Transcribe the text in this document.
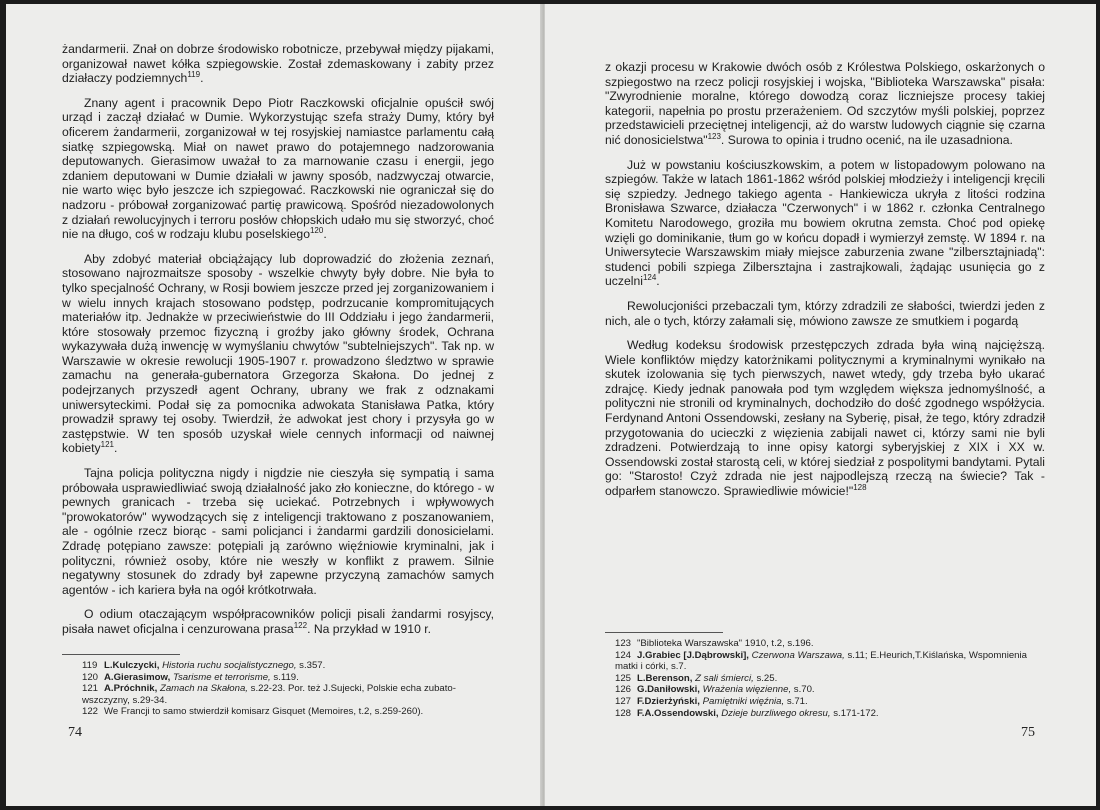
żandarmerii. Znał on dobrze środowisko robotnicze, przebywał między pijakami, organizował nawet kółka szpiegowskie. Został zdemaskowany i zabity przez działaczy podziemnych$^{119}$.

Znany agent i pracownik Depo Piotr Raczkowski oficjalnie opuścił swój urząd i zaczął działać w Dumie. Wykorzystując szefa straży Dumy, który był oficerem żandarmerii, zorganizował w tej rosyjskiej namiastce parlamentu całą siatkę szpiegowską. Miał on nawet prawo do potajemnego nadzorowania deputowanych. Gierasimow uważał to za marnowanie czasu i energii, jego zdaniem deputowani w Dumie działali w jawny sposób, nadzwyczaj otwarcie, nie warto więc było jeszcze ich szpiegować. Raczkowski nie ograniczał się do nadzoru - próbował zorganizować partię prawicową. Spośród niezadowolonych z działań rewolucyjnych i terroru posłów chłopskich udało mu się stworzyć, choć nie na długo, coś w rodzaju klubu poselskiego$^{120}$.

Aby zdobyć materiał obciążający lub doprowadzić do złożenia zeznań, stosowano najrozmaitsze sposoby - wszelkie chwyty były dobre. Nie była to tylko specjalność Ochrany, w Rosji bowiem jeszcze przed jej zorganizowaniem i w wielu innych krajach stosowano podstęp, podrzucanie kompromitujących materiałów itp. Jednakże w przeciwieństwie do III Oddziału i jego żandarmerii, które stosowały przemoc fizyczną i groźby jako główny środek, Ochrana wykazywała dużą inwencję w wymyślaniu chwytów "subtelniejszych". Tak np. w Warszawie w okresie rewolucji 1905-1907 r. prowadzono śledztwo w sprawie zamachu na generała-gubernatora Grzegorza Skałona. Do jednej z podejrzanych przyszedł agent Ochrany, ubrany we frak z odznakami uniwersyteckimi. Podał się za pomocnika adwokata Stanisława Patka, który prowadził sprawy tej osoby. Twierdził, że adwokat jest chory i przysyła go w zastępstwie. W ten sposób uzyskał wiele cennych informacji od naiwnej kobiety$^{121}$.

Tajna policja polityczna nigdy i nigdzie nie cieszyła się sympatią i sama próbowała usprawiedliwiać swoją działalność jako zło konieczne, do którego - w pewnych granicach - trzeba się uciekać. Potrzebnych i wpływowych "prowokatorów" wywodzących się z inteligencji traktowano z poszanowaniem, ale - ogólnie rzecz biorąc - sami policjanci i żandarmi gardzili donosicielami. Zdradę potępiano zawsze: potępiali ją zarówno więźniowie kryminalni, jak i polityczni, również osoby, które nie weszły w konflikt z prawem. Silnie negatywny stosunek do zdrady był zapewne przyczyną zamachów samych agentów - ich kariera była na ogół krótkotrwała.

O odium otaczającym współpracowników policji pisali żandarmi rosyjscy, pisała nawet oficjalna i cenzurowana prasa$^{122}$. Na przykład w 1910 r.

119 L.Kulczycki, Historia ruchu socjalistycznego, s.357.
120 A.Gierasimow, Tsarisme et terrorisme, s.119.
121 A.Próchnik, Zamach na Skałona, s.22-23. Por. też J.Sujecki, Polskie echa zubatowszczyzny, s.29-34.
122 We Francji to samo stwierdził komisarz Gisquet (Memoires, t.2, s.259-260).
74

z okazji procesu w Krakowie dwóch osób z Królestwa Polskiego, oskarżonych o szpiegostwo na rzecz policji rosyjskiej i wojska, "Biblioteka Warszawska" pisała: "Zwyrodnienie moralne, którego dowodzą coraz liczniejsze procesy takiej kategorii, napełnia po prostu przerażeniem. Od szczytów myśli polskiej, poprzez przedstawicieli przeciętnej inteligencji, aż do warstw ludowych ciągnie się czarna nić donosicielstwa"$^{123}$. Surowa to opinia i trudno ocenić, na ile uzasadniona.

Już w powstaniu kościuszkowskim, a potem w listopadowym polowano na szpiegów. Także w latach 1861-1862 wśród polskiej młodzieży i inteligencji kręcili się szpiedzy. Jednego takiego agenta - Hankiewicza ukryła z litości rodzina Bronisława Szwarce, działacza "Czerwonych" i w 1862 r. członka Centralnego Komitetu Narodowego, groziła mu bowiem okrutna zemsta. Choć pod opiekę wzięli go dominikanie, tłum go w końcu dopadł i wymierzył zemstę. W 1894 r. na Uniwersytecie Warszawskim miały miejsce zaburzenia zwane "zilbersztajniadą": studenci pobili szpiega Zilbersztajna i zastrajkowali, żądając usunięcia go z uczelni$^{124}$.

Rewolucjoniści przebaczali tym, którzy zdradzili ze słabości, twierdzi jeden z nich, ale o tych, którzy załamali się, mówiono zawsze ze smutkiem i pogardą

Według kodeksu środowisk przestępczych zdrada była winą najcięższą. Wiele konfliktów między katorżnikami politycznymi a kryminalnymi wynikało na skutek izolowania się tych pierwszych, nawet wtedy, gdy trzeba było ukarać zdrajcę. Kiedy jednak panowała pod tym względem większa jednomyślność, a polityczni nie stronili od kryminalnych, dochodziło do dość zgodnego współżycia. Ferdynand Antoni Ossendowski, zesłany na Syberię, pisał, że tego, który zdradził przygotowania do ucieczki z więzienia zabijali nawet ci, którzy sami nie byli zdradzeni. Potwierdzają to inne opisy katorgi syberyjskiej z XIX i XX w. Ossendowski został starostą celi, w której siedział z pospolitymi bandytami. Pytali go: "Starosto! Czyż zdrada nie jest najpodlejszą rzeczą na świecie? Tak - odparłem stanowczo. Sprawiedliwie mówicie!"$^{128}$

123 "Biblioteka Warszawska" 1910, t.2, s.196.
124 J.Grabiec [J.Dąbrowski], Czerwona Warszawa, s.11; E.Heurich,T.Kiślańska, Wspomnienia matki i córki, s.7.
125 L.Berenson, Z sali śmierci, s.25.
126 G.Daniłowski, Wrażenia więzienne, s.70.
127 F.Dzierżyński, Pamiętniki więźnia, s.71.
128 F.A.Ossendowski, Dzieje burzliwego okresu, s.171-172.
75
